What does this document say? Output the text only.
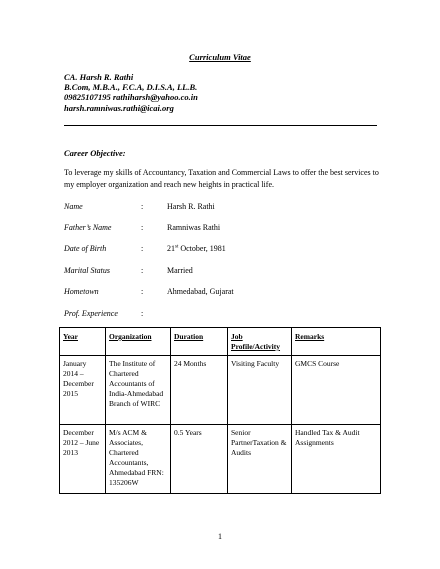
Curriculum Vitae
CA. Harsh R. Rathi
B.Com, M.B.A., F.C.A, D.I.S.A, LL.B.
09825107195 rathiharsh@yahoo.co.in
harsh.ramniwas.rathi@icai.org
Career Objective:
To leverage my skills of Accountancy, Taxation and Commercial Laws to offer the best services to my employer organization and reach new heights in practical life.
Name	:	Harsh R. Rathi
Father’s Name	:	Ramniwas Rathi
Date of Birth	:	21st October, 1981
Marital Status	:	Married
Hometown	:	Ahmedabad, Gujarat
Prof. Experience	:
Year	Organization	Duration	Job Profile/Activity	Remarks
January 2014 – December 2015	The Institute of Chartered Accountants of India-Ahmedabad Branch of WIRC	24 Months	Visiting Faculty	GMCS Course
December 2012 – June 2013	M/s ACM & Associates, Chartered Accountants, Ahmedabad FRN: 135206W	0.5 Years	Senior PartnerTaxation & Audits	Handled Tax & Audit Assignments
1
